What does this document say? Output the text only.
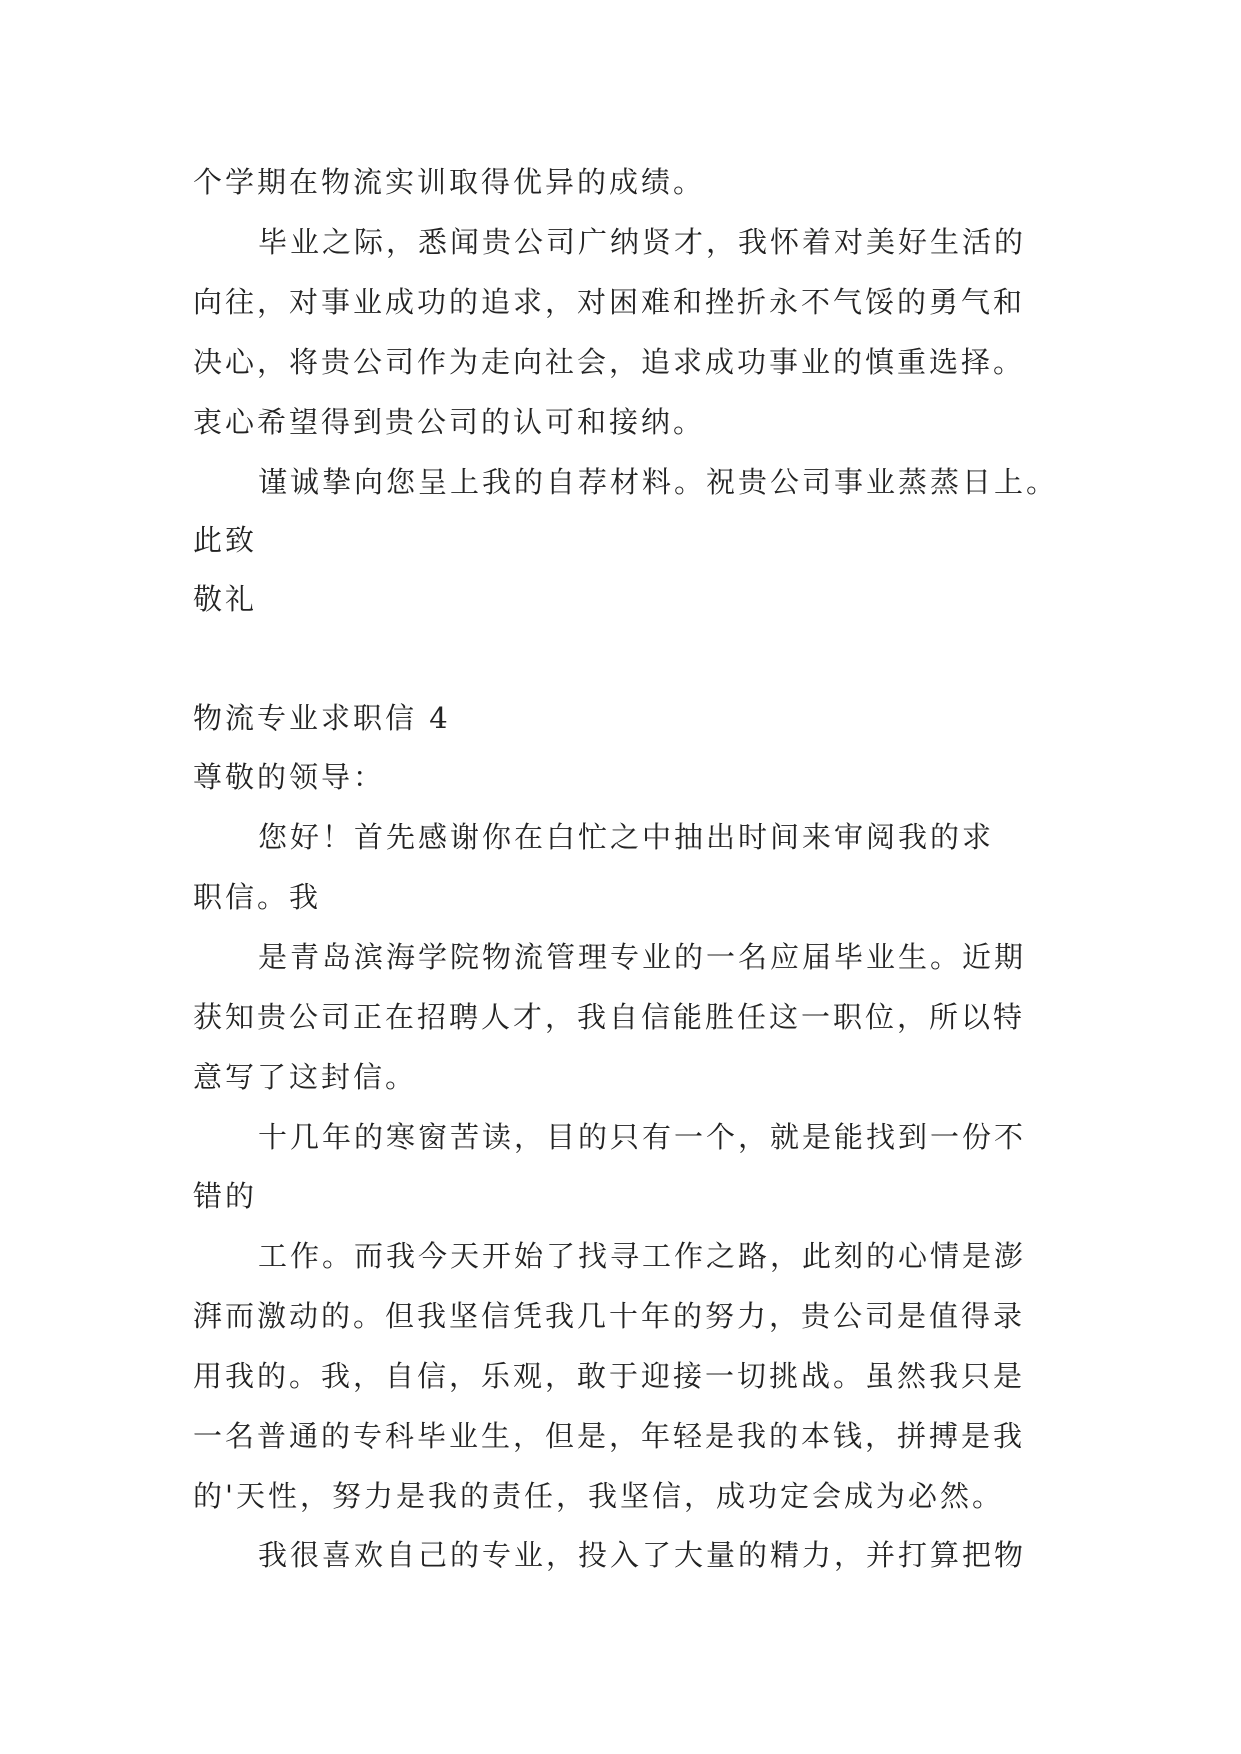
个学期在物流实训取得优异的成绩。
毕业之际，悉闻贵公司广纳贤才，我怀着对美好生活的
向往，对事业成功的追求，对困难和挫折永不气馁的勇气和
决心，将贵公司作为走向社会，追求成功事业的慎重选择。
衷心希望得到贵公司的认可和接纳。
谨诚挚向您呈上我的自荐材料。祝贵公司事业蒸蒸日上。
此致
敬礼
物流专业求职信 4
尊敬的领导：
您好！首先感谢你在白忙之中抽出时间来审阅我的求
职信。我
是青岛滨海学院物流管理专业的一名应届毕业生。近期
获知贵公司正在招聘人才，我自信能胜任这一职位，所以特
意写了这封信。
十几年的寒窗苦读，目的只有一个，就是能找到一份不
错的
工作。而我今天开始了找寻工作之路，此刻的心情是澎
湃而激动的。但我坚信凭我几十年的努力，贵公司是值得录
用我的。我，自信，乐观，敢于迎接一切挑战。虽然我只是
一名普通的专科毕业生，但是，年轻是我的本钱，拼搏是我
的'天性，努力是我的责任，我坚信，成功定会成为必然。
我很喜欢自己的专业，投入了大量的精力，并打算把物
